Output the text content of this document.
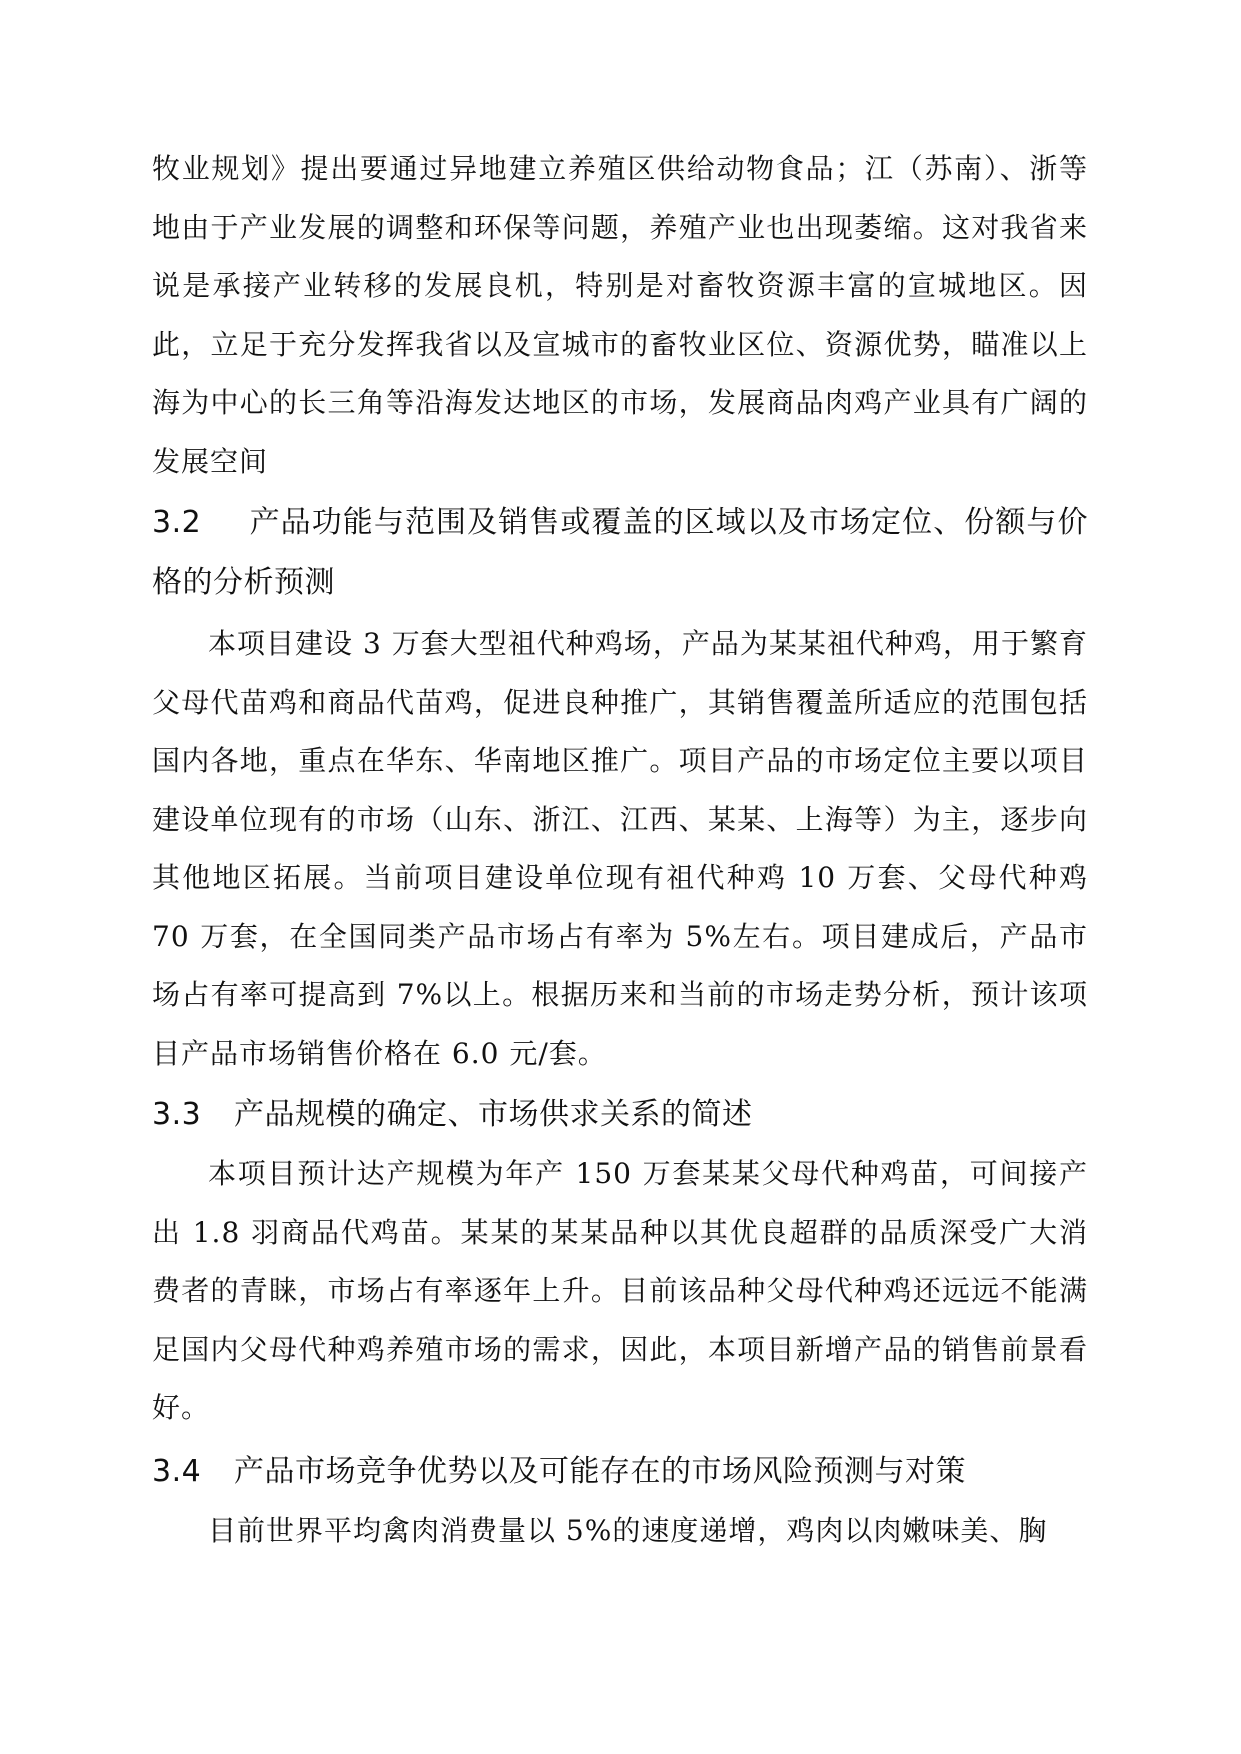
牧业规划》提出要通过异地建立养殖区供给动物食品；江（苏南）、浙等地由于产业发展的调整和环保等问题，养殖产业也出现萎缩。这对我省来说是承接产业转移的发展良机，特别是对畜牧资源丰富的宣城地区。因此，立足于充分发挥我省以及宣城市的畜牧业区位、资源优势，瞄准以上海为中心的长三角等沿海发达地区的市场，发展商品肉鸡产业具有广阔的发展空间

3.2 产品功能与范围及销售或覆盖的区域以及市场定位、份额与价格的分析预测

本项目建设 3 万套大型祖代种鸡场，产品为某某祖代种鸡，用于繁育父母代苗鸡和商品代苗鸡，促进良种推广，其销售覆盖所适应的范围包括国内各地，重点在华东、华南地区推广。项目产品的市场定位主要以项目建设单位现有的市场（山东、浙江、江西、某某、上海等）为主，逐步向其他地区拓展。当前项目建设单位现有祖代种鸡 10 万套、父母代种鸡 70 万套，在全国同类产品市场占有率为 5%左右。项目建成后，产品市场占有率可提高到 7%以上。根据历来和当前的市场走势分析，预计该项目产品市场销售价格在 6.0 元/套。

3.3 产品规模的确定、市场供求关系的简述

本项目预计达产规模为年产 150 万套某某父母代种鸡苗，可间接产出 1.8 羽商品代鸡苗。某某的某某品种以其优良超群的品质深受广大消费者的青睐，市场占有率逐年上升。目前该品种父母代种鸡还远远不能满足国内父母代种鸡养殖市场的需求，因此，本项目新增产品的销售前景看好。

3.4 产品市场竞争优势以及可能存在的市场风险预测与对策

目前世界平均禽肉消费量以 5%的速度递增，鸡肉以肉嫩味美、胸
